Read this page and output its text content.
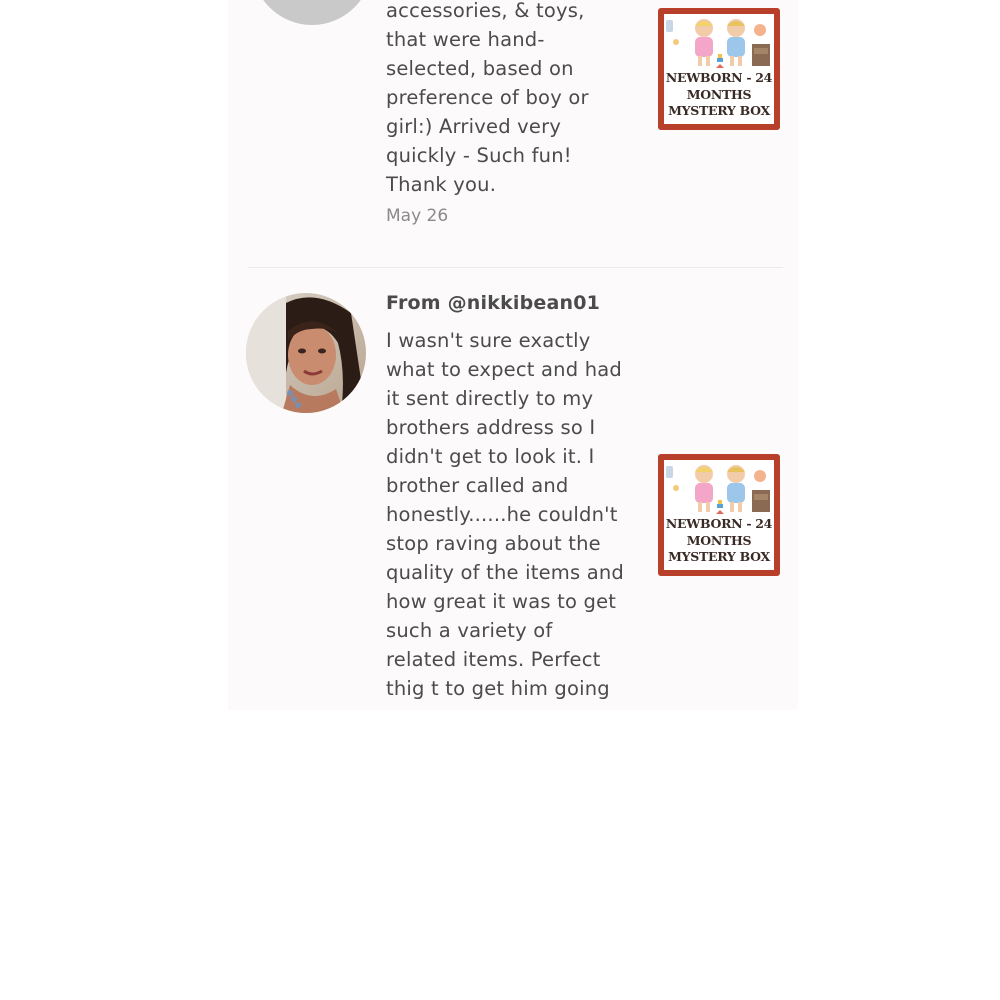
accessories, & toys,
that were hand-
selected, based on
preference of boy or
girl:) Arrived very
quickly - Such fun!
Thank you.
May 26
NEWBORN - 24
MONTHS
MYSTERY BOX
From @nikkibean01
I wasn't sure exactly
what to expect and had
it sent directly to my
brothers address so I
didn't get to look it. I
brother called and
honestly......he couldn't
stop raving about the
quality of the items and
how great it was to get
such a variety of
related items. Perfect
thig t to get him going
NEWBORN - 24
MONTHS
MYSTERY BOX
